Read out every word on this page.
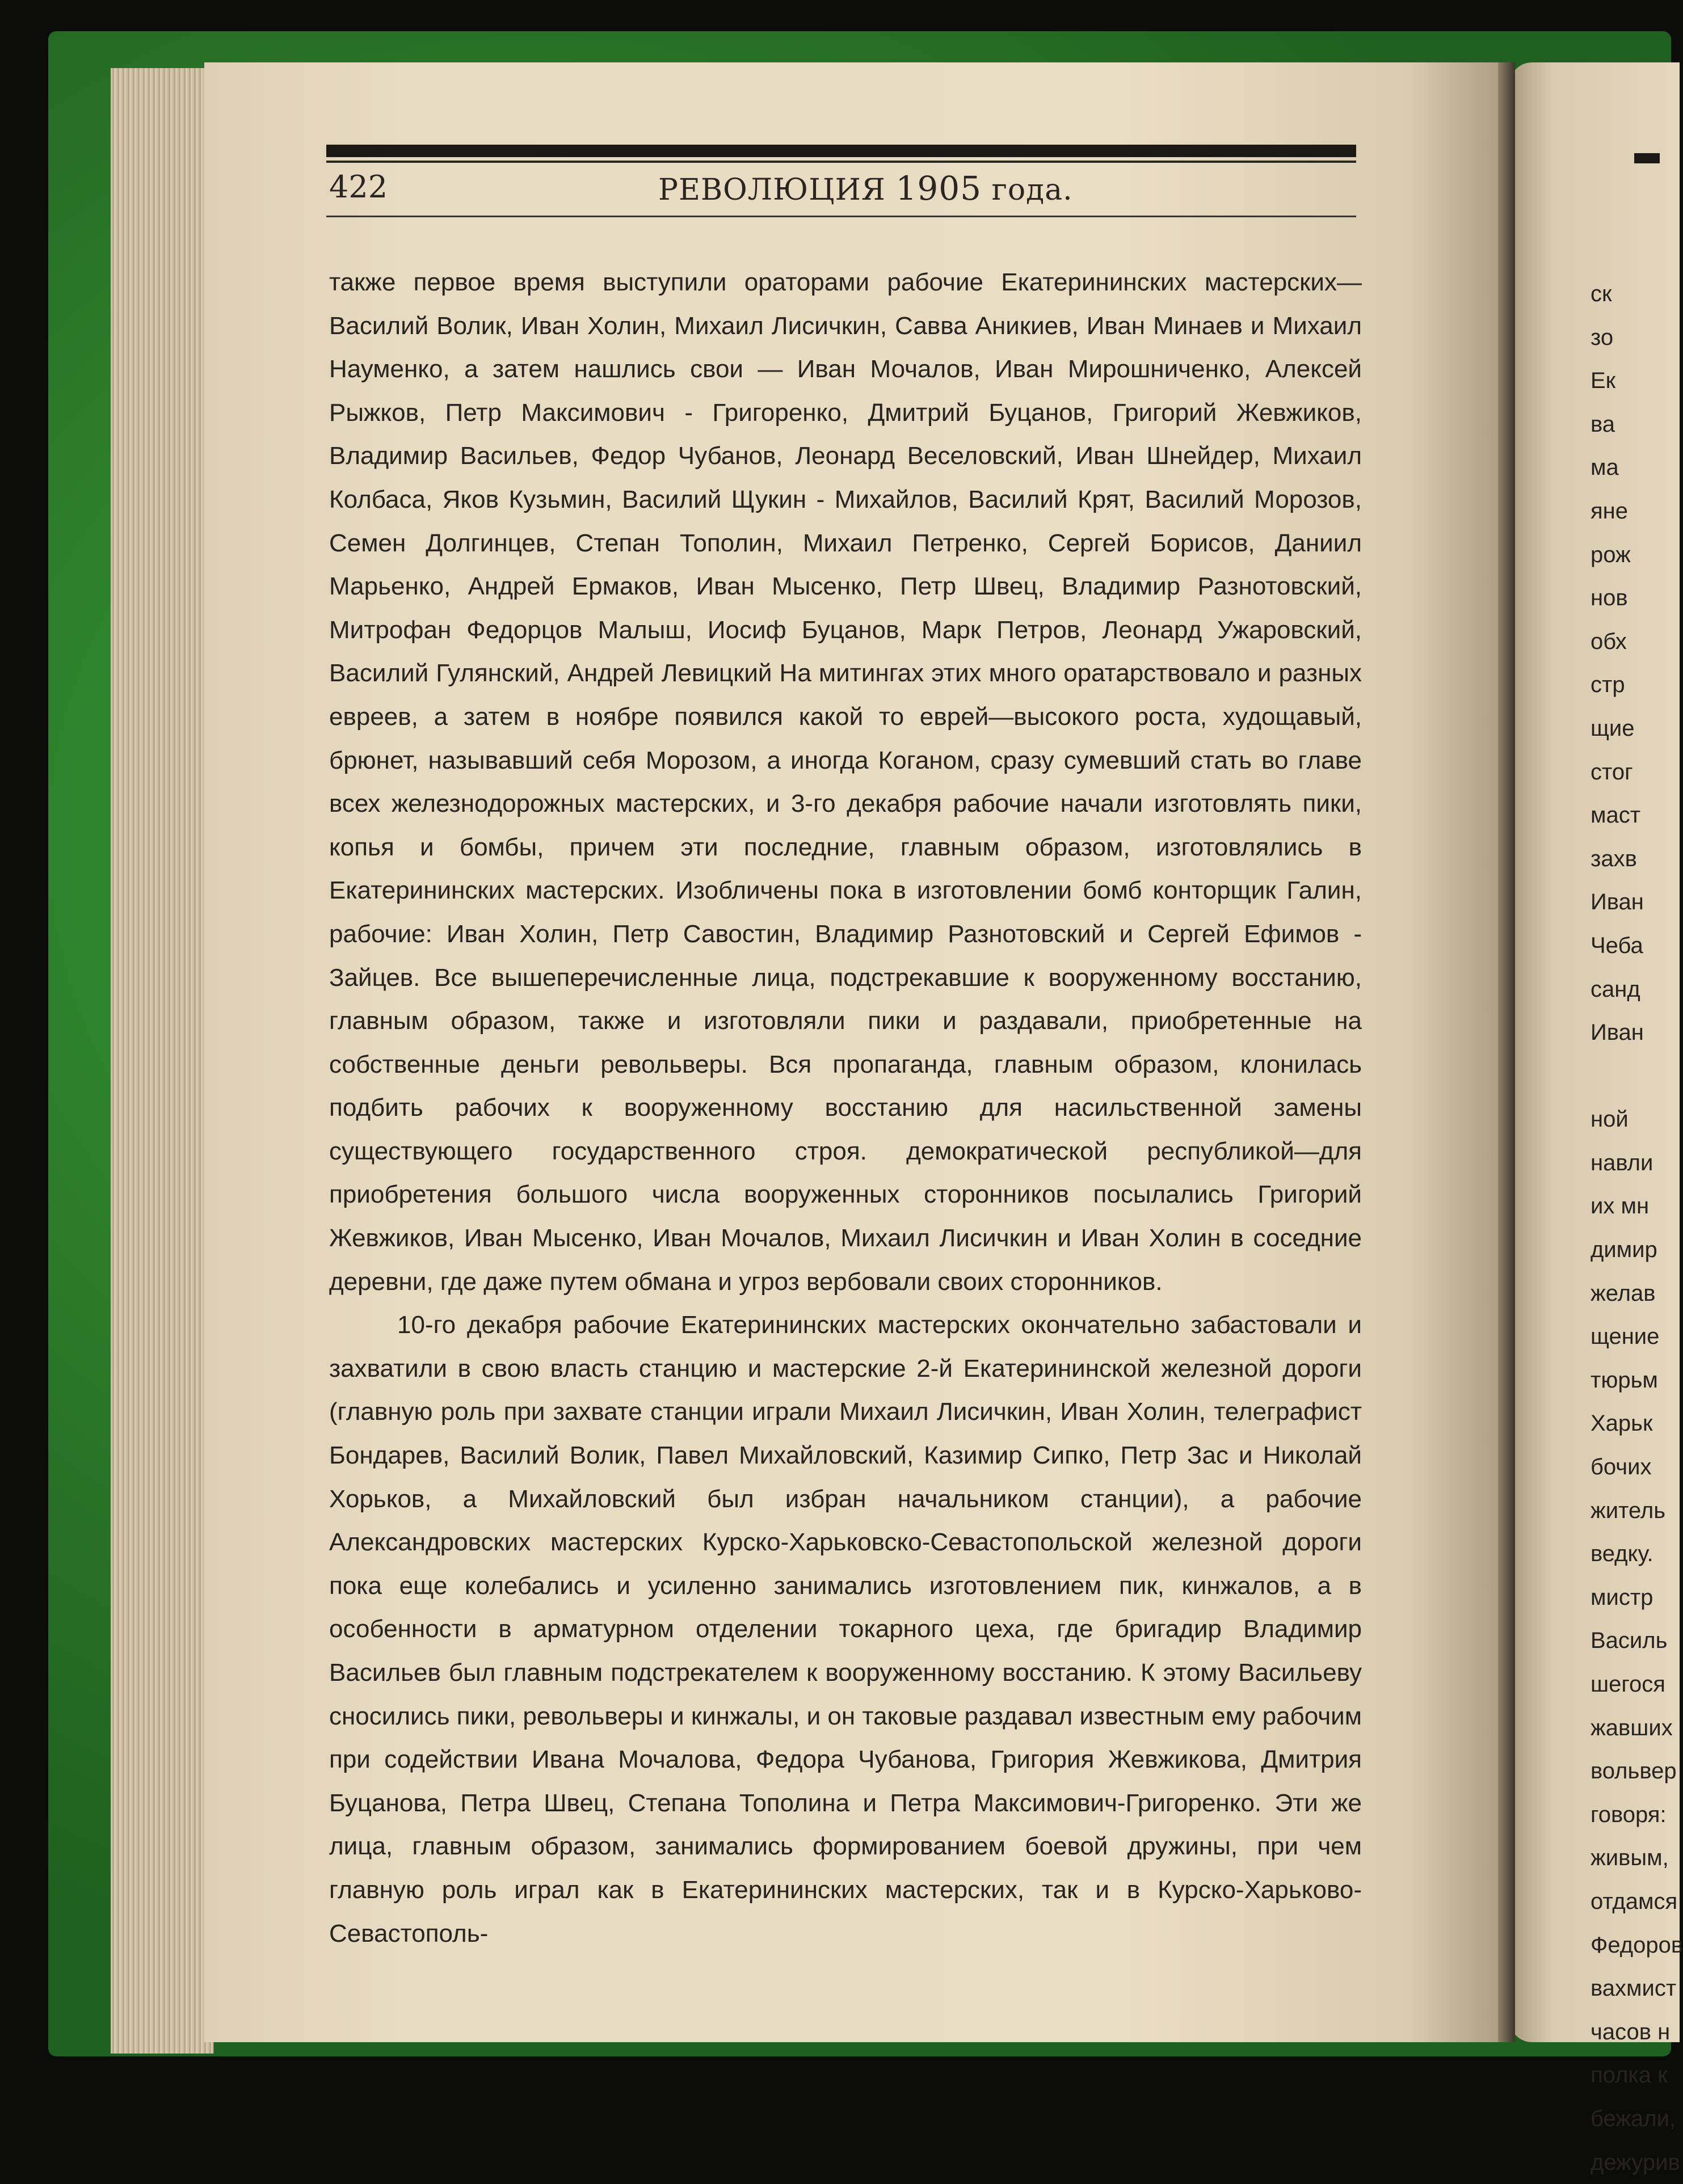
422	РЕВОЛЮЦИЯ 1905 года.

также первое время выступили ораторами рабочие Екатерининских мастерских—Василий Волик, Иван Холин, Михаил Лисичкин, Савва Аникиев, Иван Минаев и Михаил Науменко, а затем нашлись свои — Иван Мочалов, Иван Мирошниченко, Алексей Рыжков, Петр Максимович - Григоренко, Дмитрий Буцанов, Григорий Жевжиков, Владимир Васильев, Федор Чубанов, Леонард Веселовский, Иван Шнейдер, Михаил Колбаса, Яков Кузьмин, Василий Щукин - Михайлов, Василий Крят, Василий Морозов, Семен Долгинцев, Степан Тополин, Михаил Петренко, Сергей Борисов, Даниил Марьенко, Андрей Ермаков, Иван Мысенко, Петр Швец, Владимир Разнотовский, Митрофан Федорцов Малыш, Иосиф Буцанов, Марк Петров, Леонард Ужаровский, Василий Гулянский, Андрей Левицкий На митингах этих много оратарствовало и разных евреев, а затем в ноябре появился какой то еврей—высокого роста, худощавый, брюнет, называвший себя Морозом, а иногда Коганом, сразу сумевший стать во главе всех железнодорожных мастерских, и 3-го декабря рабочие начали изготовлять пики, копья и бомбы, причем эти последние, главным образом, изготовлялись в Екатерининских мастерских. Изобличены пока в изготовлении бомб конторщик Галин, рабочие: Иван Холин, Петр Савостин, Владимир Разнотовский и Сергей Ефимов - Зайцев. Все вышеперечисленные лица, подстрекавшие к вооруженному восстанию, главным образом, также и изготовляли пики и раздавали, приобретенные на собственные деньги револьверы. Вся пропаганда, главным образом, клонилась подбить рабочих к вооруженному восстанию для насильственной замены существующего государственного строя. демократической республикой—для приобретения большого числа вооруженных сторонников посылались Григорий Жевжиков, Иван Мысенко, Иван Мочалов, Михаил Лисичкин и Иван Холин в соседние деревни, где даже путем обмана и угроз вербовали своих сторонников.

10-го декабря рабочие Екатерининских мастерских окончательно забастовали и захватили в свою власть станцию и мастерские 2-й Екатерининской железной дороги (главную роль при захвате станции играли Михаил Лисичкин, Иван Холин, телеграфист Бондарев, Василий Волик, Павел Михайловский, Казимир Сипко, Петр Зас и Николай Хорьков, а Михайловский был избран начальником станции), а рабочие Александровских мастерских Курско-Харьковско-Севастопольской железной дороги пока еще колебались и усиленно занимались изготовлением пик, кинжалов, а в особенности в арматурном отделении токарного цеха, где бригадир Владимир Васильев был главным подстрекателем к вооруженному восстанию. К этому Васильеву сносились пики, револьверы и кинжалы, и он таковые раздавал известным ему рабочим при содействии Ивана Мочалова, Федора Чубанова, Григория Жевжикова, Дмитрия Буцанова, Петра Швец, Степана Тополина и Петра Максимович-Григоренко. Эти же лица, главным образом, занимались формированием боевой дружины, при чем главную роль играл как в Екатерининских мастерских, так и в Курско-Харьково-Севастополь-

ск
зо
Ек
ва
ма
яне
рож
нов
обх
стр
щие
стог
маст
захв
Иван
Чеба
санд
Иван
ной
навли
их мн
димир
желав
щение
тюрьм
Харьк
бочих
житель
ведку.
мистр
Василь
шегося
жавших
вольвер
говоря:
живым,
отдамся
Федоров
вахмист
часов н
полка к
бежали,
дежурив
